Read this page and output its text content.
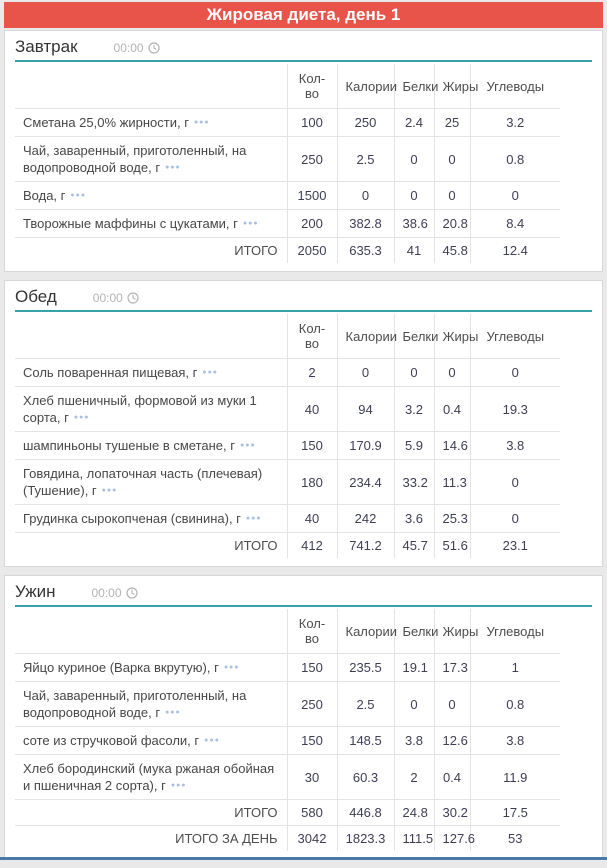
Жировая диета, день 1
Завтрак	00:00
	Кол-во	Калории	Белки	Жиры	Углеводы
Сметана 25,0% жирности, г ●●●	100	250	2.4	25	3.2
Чай, заваренный, приготоленный, на водопроводной воде, г ●●●	250	2.5	0	0	0.8
Вода, г ●●●	1500	0	0	0	0
Творожные маффины с цукатами, г ●●●	200	382.8	38.6	20.8	8.4
ИТОГО	2050	635.3	41	45.8	12.4
Обед	00:00
	Кол-во	Калории	Белки	Жиры	Углеводы
Соль поваренная пищевая, г ●●●	2	0	0	0	0
Хлеб пшеничный, формовой из муки 1 сорта, г ●●●	40	94	3.2	0.4	19.3
шампиньоны тушеные в сметане, г ●●●	150	170.9	5.9	14.6	3.8
Говядина, лопаточная часть (плечевая) (Тушение), г ●●●	180	234.4	33.2	11.3	0
Грудинка сырокопченая (свинина), г ●●●	40	242	3.6	25.3	0
ИТОГО	412	741.2	45.7	51.6	23.1
Ужин	00:00
	Кол-во	Калории	Белки	Жиры	Углеводы
Яйцо куриное (Варка вкрутую), г ●●●	150	235.5	19.1	17.3	1
Чай, заваренный, приготоленный, на водопроводной воде, г ●●●	250	2.5	0	0	0.8
соте из стручковой фасоли, г ●●●	150	148.5	3.8	12.6	3.8
Хлеб бородинский (мука ржаная обойная и пшеничная 2 сорта), г ●●●	30	60.3	2	0.4	11.9
ИТОГО	580	446.8	24.8	30.2	17.5
ИТОГО ЗА ДЕНЬ	3042	1823.3	111.5	127.6	53
